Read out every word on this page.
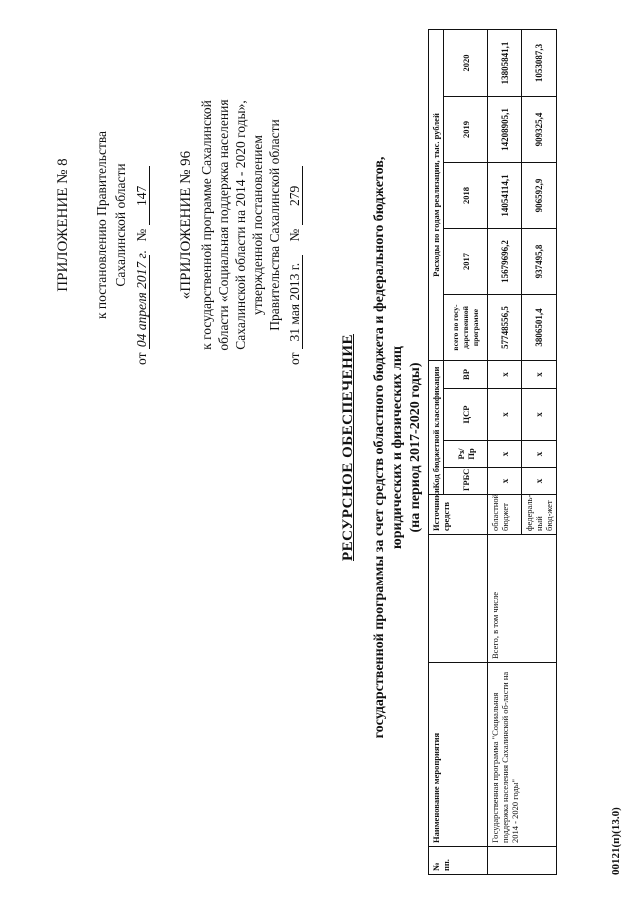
ПРИЛОЖЕНИЕ № 8 к постановлению Правительства Сахалинской области
от 04 апреля 2017 г.    № 147 «ПРИЛОЖЕНИЕ № 96 к государственной программе Сахалинской области «Социальная поддержка населения Сахалинской области на 2014 - 2020 годы», утвержденной постановлением Правительства Сахалинской области
от 31 мая 2013 г.    № 279
РЕСУРСНОЕ ОБЕСПЕЧЕНИЕ государственной программы за счет средств областного бюджета и федерального бюджетов, юридических и физических лиц (на период 2017-2020 годы)
№ пп.	Наименование мероприятия		Источники средств	Код бюджетной классификации				Расходы по годам реализации, тыс. рублей				
				ГРБС	Рз/Пр	ЦСР	ВР	всего по госу-дарственной программе	2017	2018	2019	2020
	Государственная программа "Социальная поддержка населения Сахалинской об-ласти на 2014 - 2020 годы"	Всего, в том числе	областной бюджет	x	x	x	x	57748556,5	15679696,2	14054114,1	14208905,1	13805841,1
			федераль-ный бюд-жет	x	x	x	x	3806501,4	937495,8	906592,9	909325,4	1053087,3
00121(п)(13.0)
